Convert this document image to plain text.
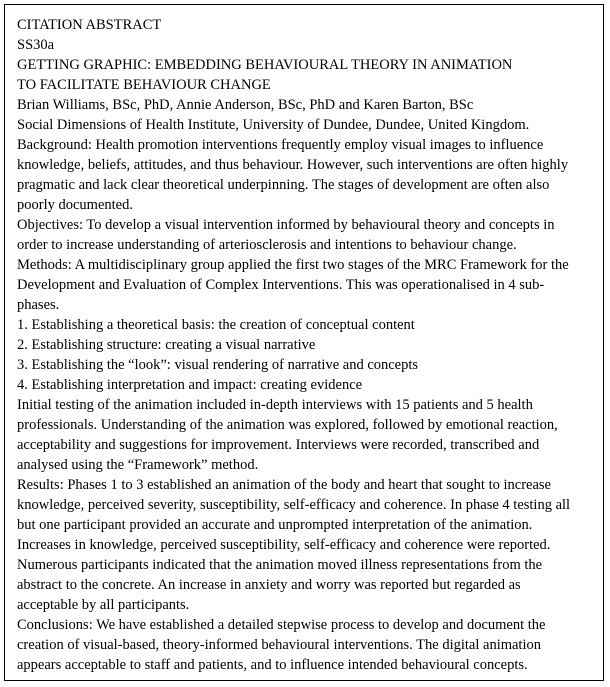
CITATION ABSTRACT
SS30a
GETTING GRAPHIC: EMBEDDING BEHAVIOURAL THEORY IN ANIMATION
TO FACILITATE BEHAVIOUR CHANGE
Brian Williams, BSc, PhD, Annie Anderson, BSc, PhD and Karen Barton, BSc
Social Dimensions of Health Institute, University of Dundee, Dundee, United Kingdom.
Background: Health promotion interventions frequently employ visual images to influence
knowledge, beliefs, attitudes, and thus behaviour. However, such interventions are often highly
pragmatic and lack clear theoretical underpinning. The stages of development are often also
poorly documented.
Objectives: To develop a visual intervention informed by behavioural theory and concepts in
order to increase understanding of arteriosclerosis and intentions to behaviour change.
Methods: A multidisciplinary group applied the first two stages of the MRC Framework for the
Development and Evaluation of Complex Interventions. This was operationalised in 4 sub-
phases.
1. Establishing a theoretical basis: the creation of conceptual content
2. Establishing structure: creating a visual narrative
3. Establishing the “look”: visual rendering of narrative and concepts
4. Establishing interpretation and impact: creating evidence
Initial testing of the animation included in-depth interviews with 15 patients and 5 health
professionals. Understanding of the animation was explored, followed by emotional reaction,
acceptability and suggestions for improvement. Interviews were recorded, transcribed and
analysed using the “Framework” method.
Results: Phases 1 to 3 established an animation of the body and heart that sought to increase
knowledge, perceived severity, susceptibility, self-efficacy and coherence. In phase 4 testing all
but one participant provided an accurate and unprompted interpretation of the animation.
Increases in knowledge, perceived susceptibility, self-efficacy and coherence were reported.
Numerous participants indicated that the animation moved illness representations from the
abstract to the concrete. An increase in anxiety and worry was reported but regarded as
acceptable by all participants.
Conclusions: We have established a detailed stepwise process to develop and document the
creation of visual-based, theory-informed behavioural interventions. The digital animation
appears acceptable to staff and patients, and to influence intended behavioural concepts.
